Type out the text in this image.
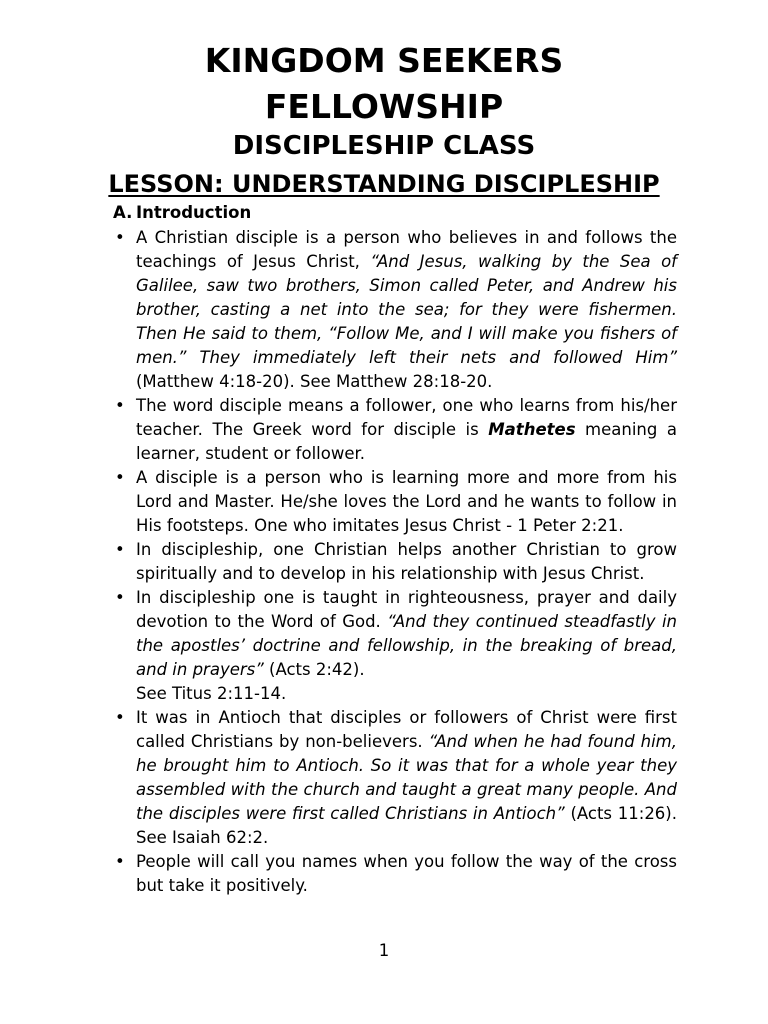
KINGDOM SEEKERS
FELLOWSHIP
DISCIPLESHIP CLASS
LESSON: UNDERSTANDING DISCIPLESHIP

A. Introduction

• A Christian disciple is a person who believes in and follows the teachings of Jesus Christ, “And Jesus, walking by the Sea of Galilee, saw two brothers, Simon called Peter, and Andrew his brother, casting a net into the sea; for they were fishermen. Then He said to them, “Follow Me, and I will make you fishers of men.” They immediately left their nets and followed Him” (Matthew 4:18-20). See Matthew 28:18-20.
• The word disciple means a follower, one who learns from his/her teacher. The Greek word for disciple is Mathetes meaning a learner, student or follower.
• A disciple is a person who is learning more and more from his Lord and Master. He/she loves the Lord and he wants to follow in His footsteps. One who imitates Jesus Christ - 1 Peter 2:21.
• In discipleship, one Christian helps another Christian to grow spiritually and to develop in his relationship with Jesus Christ.
• In discipleship one is taught in righteousness, prayer and daily devotion to the Word of God. “And they continued steadfastly in the apostles’ doctrine and fellowship, in the breaking of bread, and in prayers” (Acts 2:42).
See Titus 2:11-14.
• It was in Antioch that disciples or followers of Christ were first called Christians by non-believers. “And when he had found him, he brought him to Antioch. So it was that for a whole year they assembled with the church and taught a great many people. And the disciples were first called Christians in Antioch” (Acts 11:26). See Isaiah 62:2.
• People will call you names when you follow the way of the cross but take it positively.

1
